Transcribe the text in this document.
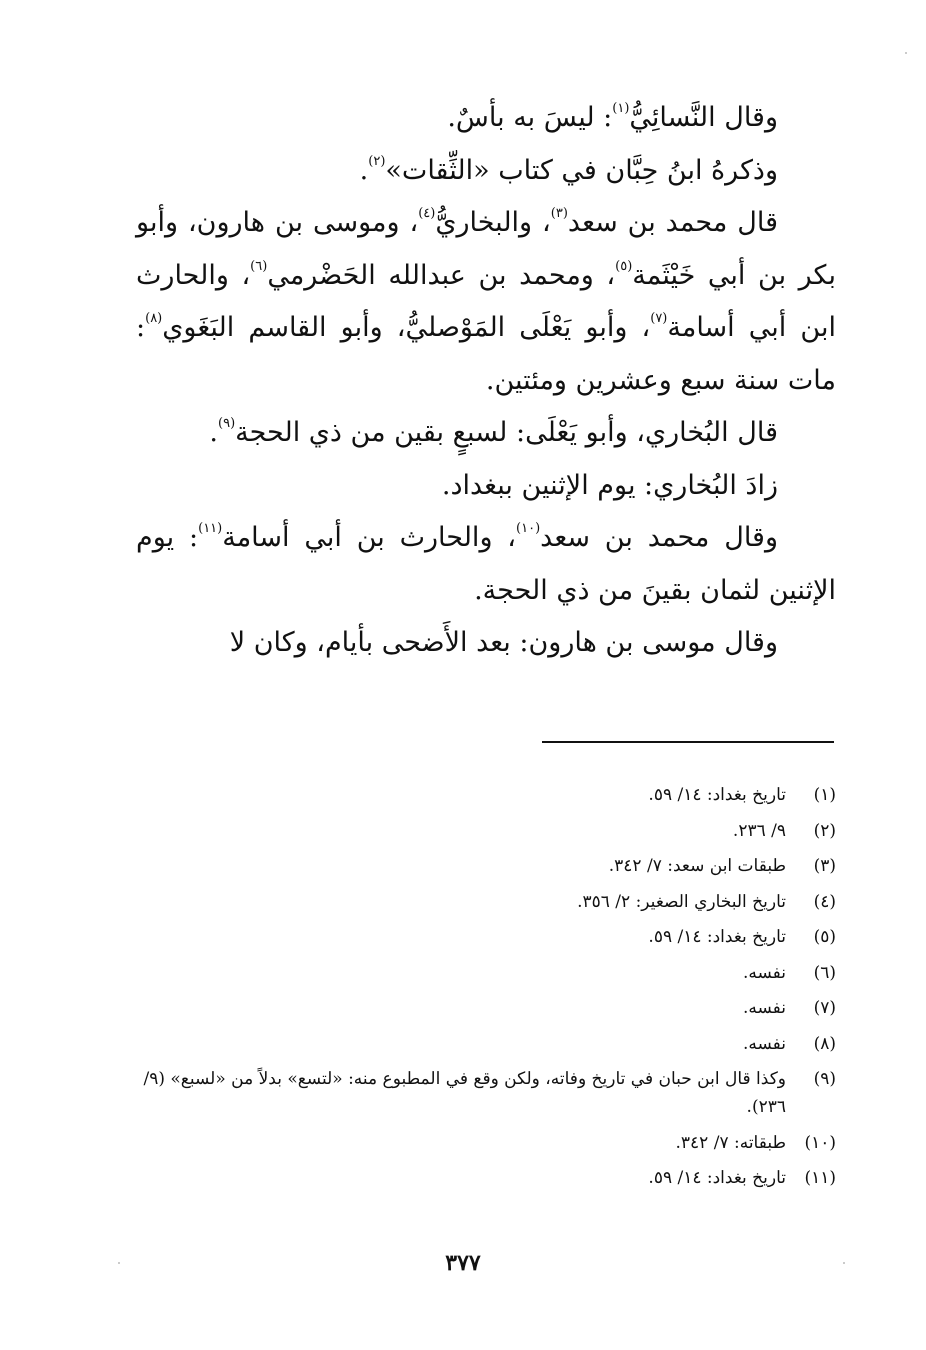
وقال النَّسائِيُّ$^{(١)}$: ليسَ به بأسٌ.

وذكرهُ ابنُ حِبَّان في كتاب «الثِّقات»$^{(٢)}$.

قال محمد بن سعد$^{(٣)}$، والبخاريُّ$^{(٤)}$، وموسى بن هارون، وأبو بكر بن أبي خَيْثَمة$^{(٥)}$، ومحمد بن عبدالله الحَضْرمي$^{(٦)}$، والحارث ابن أبي أسامة$^{(٧)}$، وأبو يَعْلَى المَوْصليُّ، وأبو القاسم البَغَوي$^{(٨)}$: مات سنة سبع وعشرين ومئتين.

قال البُخاري، وأبو يَعْلَى: لسبعٍ بقين من ذي الحجة$^{(٩)}$.

زادَ البُخاري: يوم الإثنين ببغداد.

وقال محمد بن سعد$^{(١٠)}$، والحارث بن أبي أسامة$^{(١١)}$: يوم الإثنين لثمان بقينَ من ذي الحجة.

وقال موسى بن هارون: بعد الأَضحى بأيام، وكان لا

(١)
تاريخ بغداد: ١٤/ ٥٩.
(٢)
٩/ ٢٣٦.
(٣)
طبقات ابن سعد: ٧/ ٣٤٢.
(٤)
تاريخ البخاري الصغير: ٢/ ٣٥٦.
(٥)
تاريخ بغداد: ١٤/ ٥٩.
(٦)
نفسه.
(٧)
نفسه.
(٨)
نفسه.
(٩)
وكذا قال ابن حبان في تاريخ وفاته، ولكن وقع في المطبوع منه: «لتسع» بدلاً من «لسبع» (٩/ ٢٣٦).
(١٠)
طبقاته: ٧/ ٣٤٢.
(١١)
تاريخ بغداد: ١٤/ ٥٩.
٣٧٧
